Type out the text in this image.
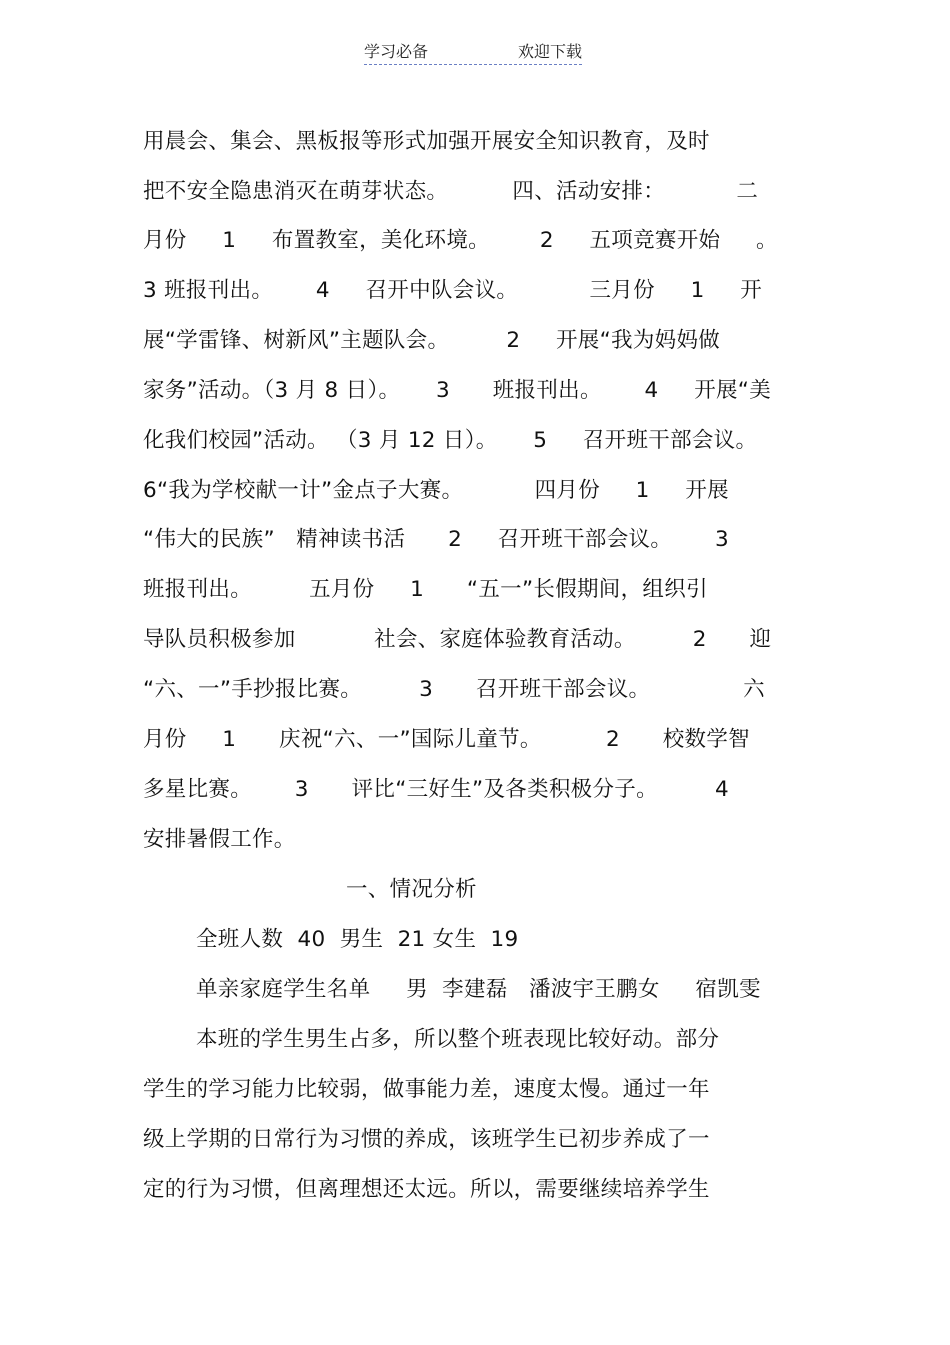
学习必备	欢迎下载
用晨会、集会、黑板报等形式加强开展安全知识教育，及时
把不安全隐患消灭在萌芽状态。         四、活动安排：          二
月份     1     布置教室，美化环境。       2     五项竞赛开始     。
3 班报刊出。      4     召开中队会议。          三月份     1     开
展“学雷锋、树新风”主题队会。        2     开展“我为妈妈做
家务”活动。（3 月 8 日）。     3      班报刊出。      4     开展“美
化我们校园”活动。 （3 月 12 日）。     5     召开班干部会议。
6“我为学校献一计”金点子大赛。          四月份     1     开展
“伟大的民族”   精神读书活      2     召开班干部会议。      3
班报刊出。        五月份     1      “五一”长假期间，组织引
导队员积极参加           社会、家庭体验教育活动。        2      迎
“六、一”手抄报比赛。        3      召开班干部会议。             六
月份     1      庆祝“六、一”国际儿童节。         2      校数学智
多星比赛。      3      评比“三好生”及各类积极分子。        4
安排暑假工作。
一、情况分析
全班人数  40  男生  21 女生  19
单亲家庭学生名单     男  李建磊   潘波宇王鹏女     宿凯雯
本班的学生男生占多，所以整个班表现比较好动。部分
学生的学习能力比较弱，做事能力差，速度太慢。通过一年
级上学期的日常行为习惯的养成，该班学生已初步养成了一
定的行为习惯，但离理想还太远。所以，需要继续培养学生
